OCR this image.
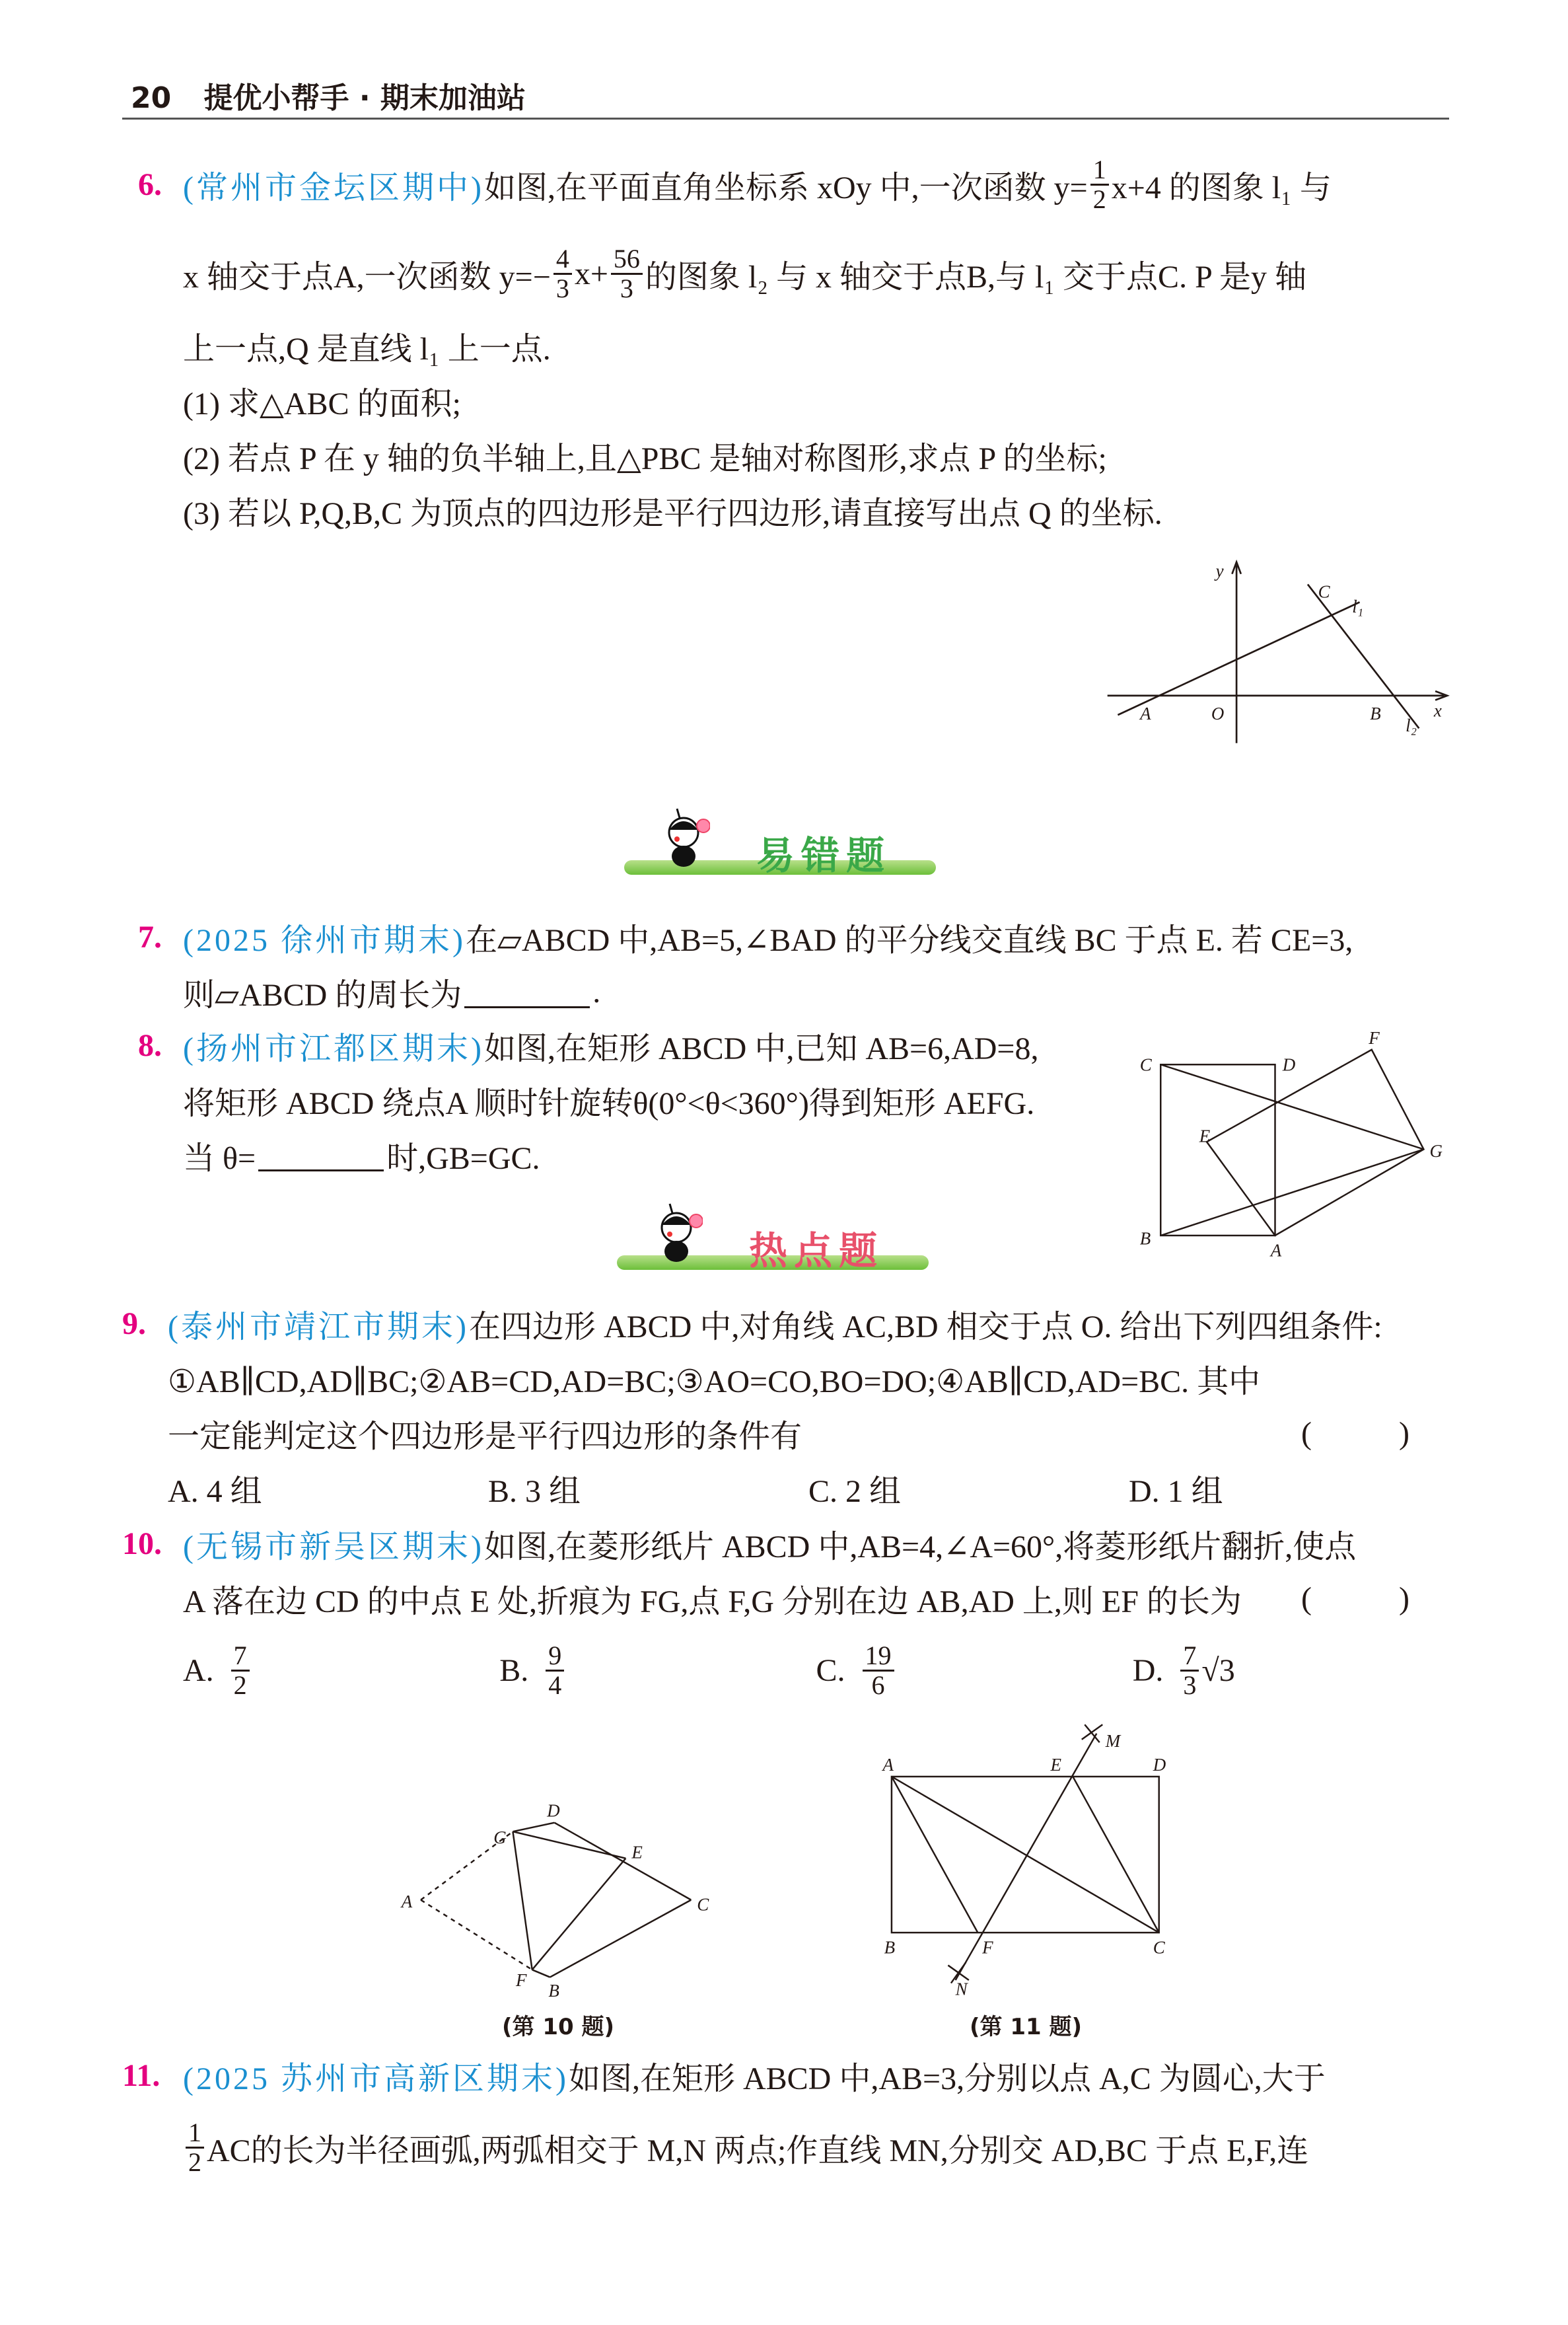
20 提优小帮手 · 期末加油站
6. (常州市金坛区期中) 如图,在平面直角坐标系 xOy 中,一次函数 $y= \frac{1}{2} x+4$ 的图象 l₁ 与
x 轴交于点A,一次函数 $y=- \frac{4}{3} x+ \frac{56}{3}$ 的图象 l₂ 与 x 轴交于点B,与 l₁ 交于点C. P 是y 轴
上一点,Q 是直线 l₁ 上一点.
(1) 求△ABC 的面积;
(2) 若点 P 在 y 轴的负半轴上,且△PBC 是轴对称图形,求点 P 的坐标;
(3) 若以 P,Q,B,C 为顶点的四边形是平行四边形,请直接写出点 Q 的坐标.
7. (2025 徐州市期末) 在▱ABCD 中,AB=5,∠BAD 的平分线交直线 BC 于点 E. 若 CE=3,
则▱ABCD 的周长为	.
8. (扬州市江都区期末) 如图,在矩形 ABCD 中,已知 AB=6,AD=8,
将矩形 ABCD 绕点A 顺时针旋转θ(0°<θ<360°)得到矩形 AEFG.
当 θ=	时,GB=GC.
9. (泰州市靖江市期末) 在四边形 ABCD 中,对角线 AC,BD 相交于点 O. 给出下列四组条件:
①AB∥CD,AD∥BC;②AB=CD,AD=BC;③AO=CO,BO=DO;④AB∥CD,AD=BC. 其中
一定能判定这个四边形是平行四边形的条件有	( )
A. 4 组	B. 3 组	C. 2 组	D. 1 组
10. (无锡市新吴区期末) 如图,在菱形纸片 ABCD 中,AB=4,∠A=60°,将菱形纸片翻折,使点
A 落在边 CD 的中点 E 处,折痕为 FG,点 F,G 分别在边 AB,AD 上,则 EF 的长为 ( )
A. $\frac{7}{2}$	B. $\frac{9}{4}$	C. $\frac{19}{6}$	D. $\frac{7}{3} √3$
11. (2025 苏州市高新区期末) 如图,在矩形 ABCD 中,AB=3,分别以点 A,C 为圆心,大于
$\frac{1}{2}$ AC的长为半径画弧,两弧相交于 M,N 两点;作直线 MN,分别交 AD,BC 于点 E,F,连
易错题
热点题
y
x
O
A	B
C
l₁
l₂
C	D
F
E
G
B
A
A
G
D
E
C
F
B
A	E
M
D
B	F	C
N
(第 10 题)	(第 11 题)
